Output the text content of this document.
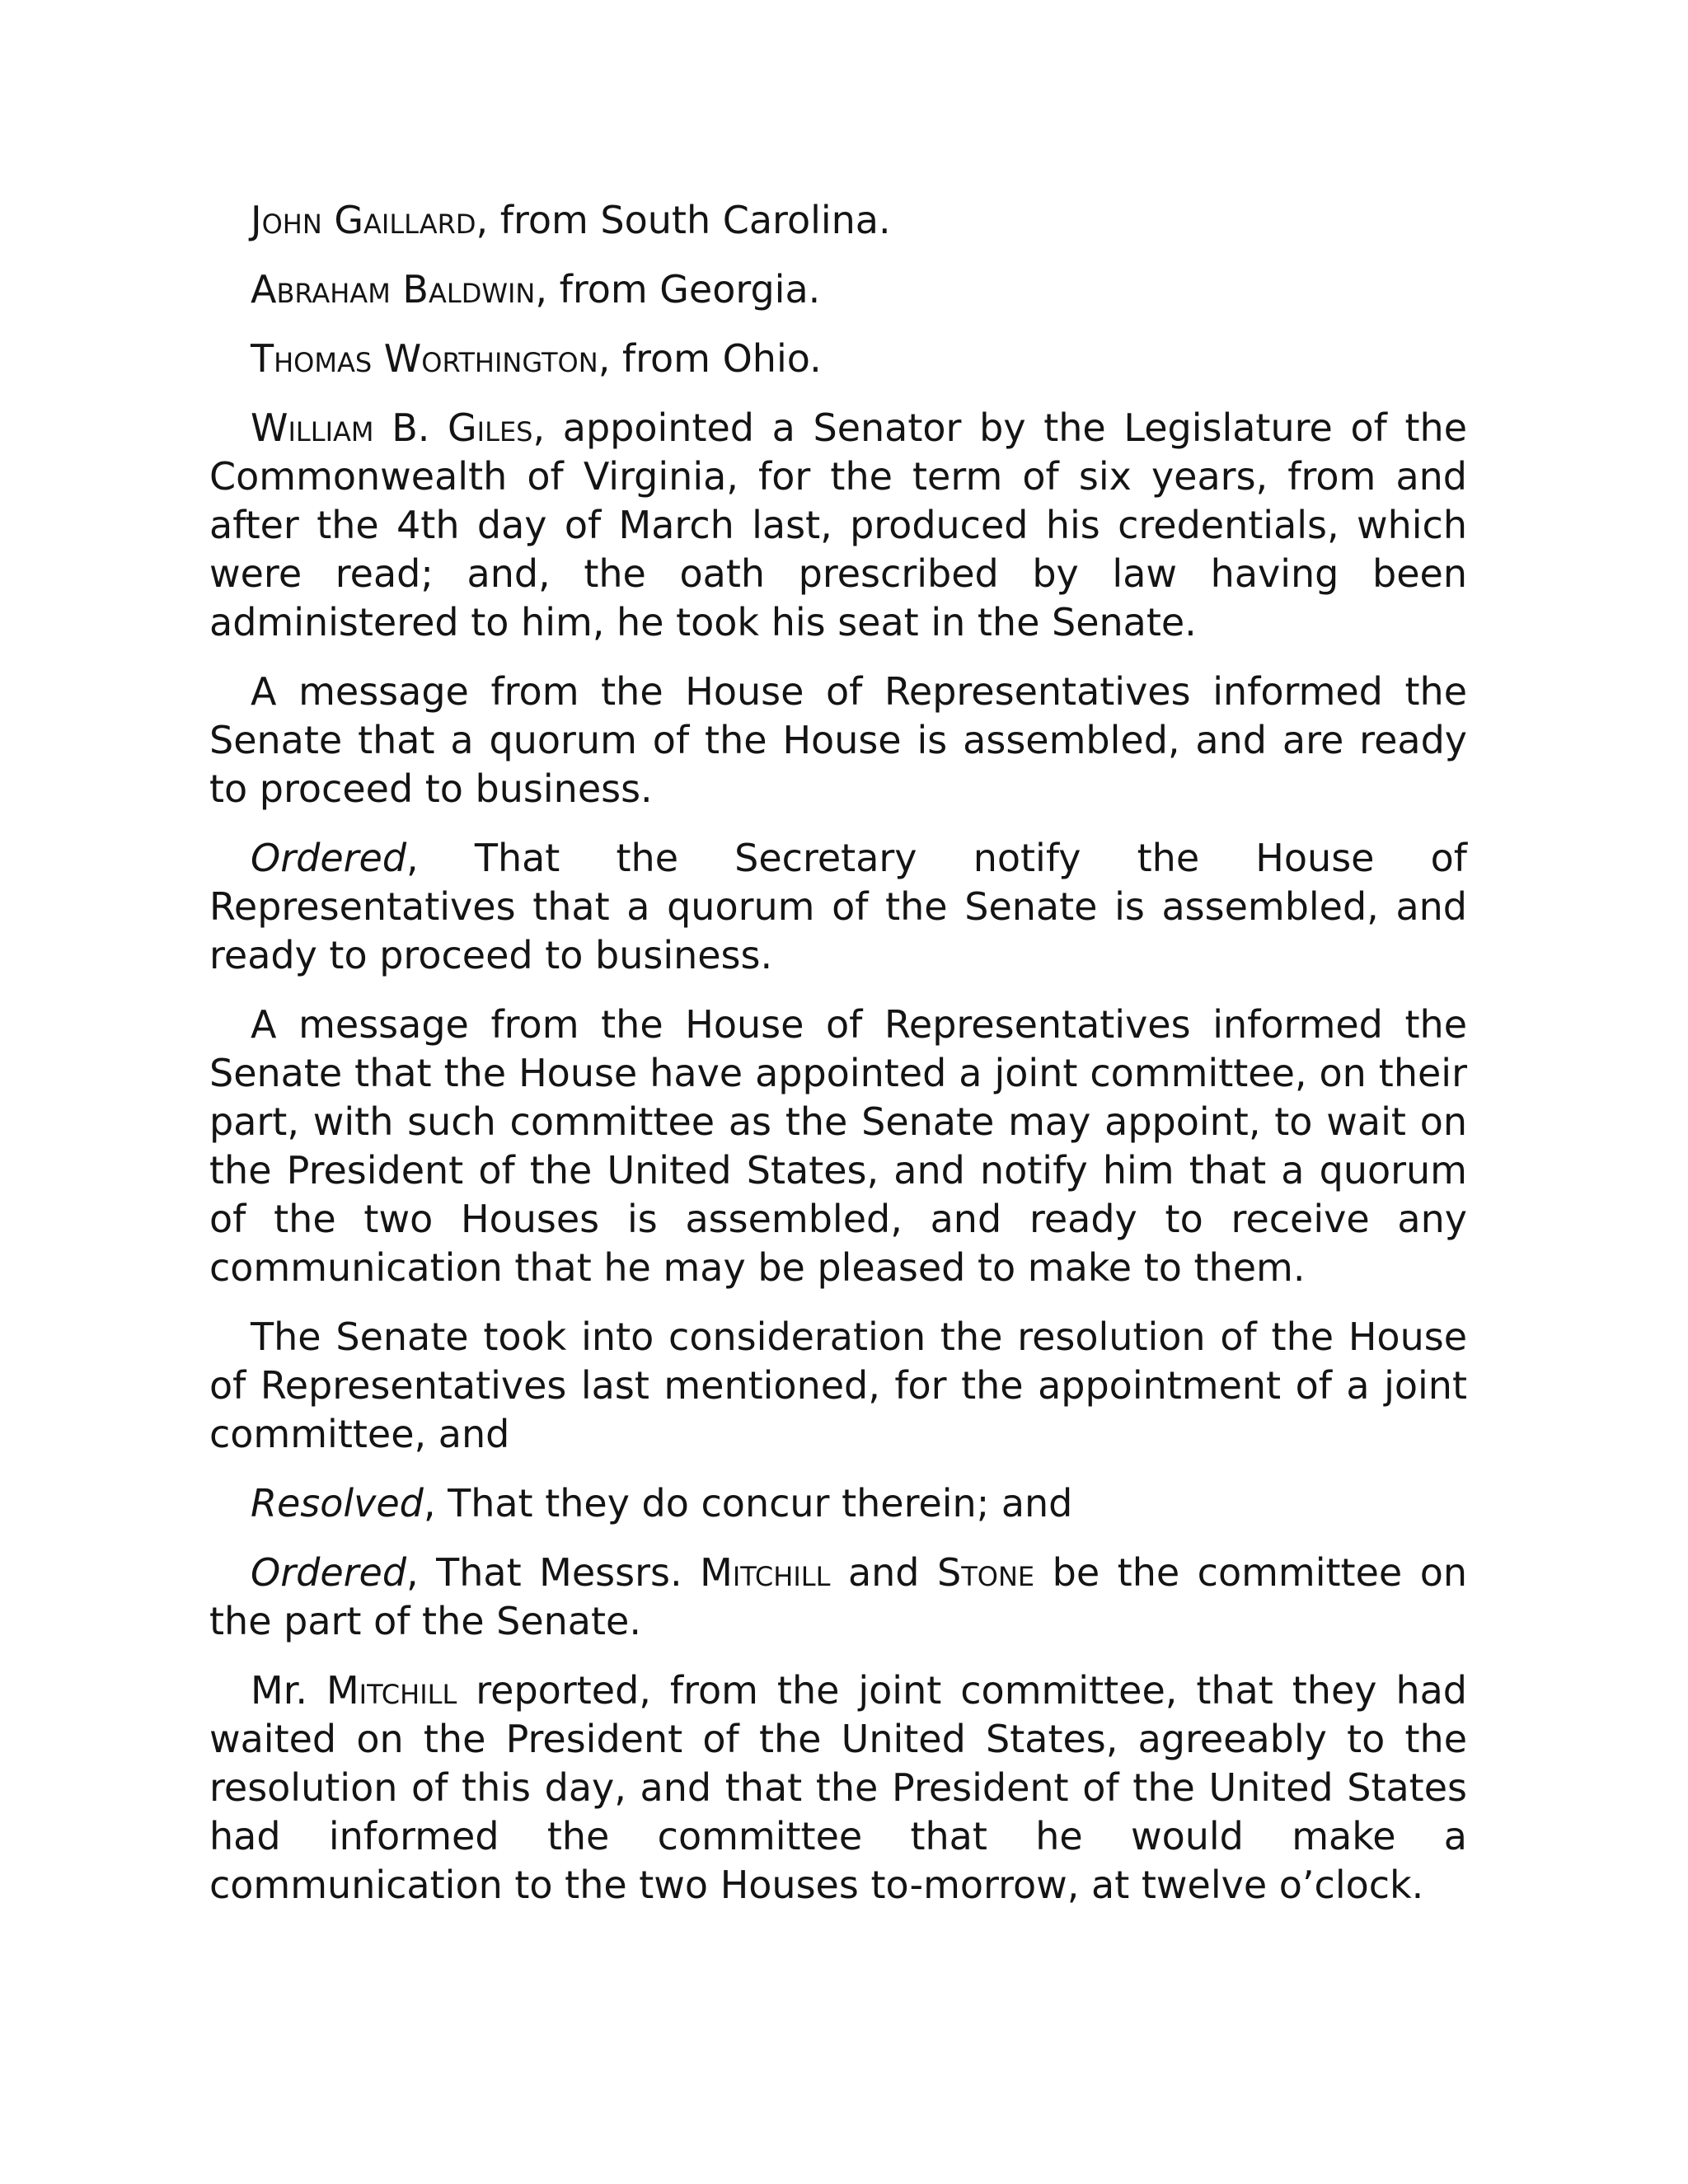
John Gaillard, from South Carolina.

Abraham Baldwin, from Georgia.

Thomas Worthington, from Ohio.

William B. Giles, appointed a Senator by the Legislature of the Commonwealth of Virginia, for the term of six years, from and after the 4th day of March last, produced his credentials, which were read; and, the oath prescribed by law having been administered to him, he took his seat in the Senate.

A message from the House of Representatives informed the Senate that a quorum of the House is assembled, and are ready to proceed to business.

Ordered, That the Secretary notify the House of Representatives that a quorum of the Senate is assembled, and ready to proceed to business.

A message from the House of Representatives informed the Senate that the House have appointed a joint committee, on their part, with such committee as the Senate may appoint, to wait on the President of the United States, and notify him that a quorum of the two Houses is assembled, and ready to receive any communication that he may be pleased to make to them.

The Senate took into consideration the resolution of the House of Representatives last mentioned, for the appointment of a joint committee, and

Resolved, That they do concur therein; and

Ordered, That Messrs. Mitchill and Stone be the committee on the part of the Senate.

Mr. Mitchill reported, from the joint committee, that they had waited on the President of the United States, agreeably to the resolution of this day, and that the President of the United States had informed the committee that he would make a communication to the two Houses to-morrow, at twelve o’clock.
